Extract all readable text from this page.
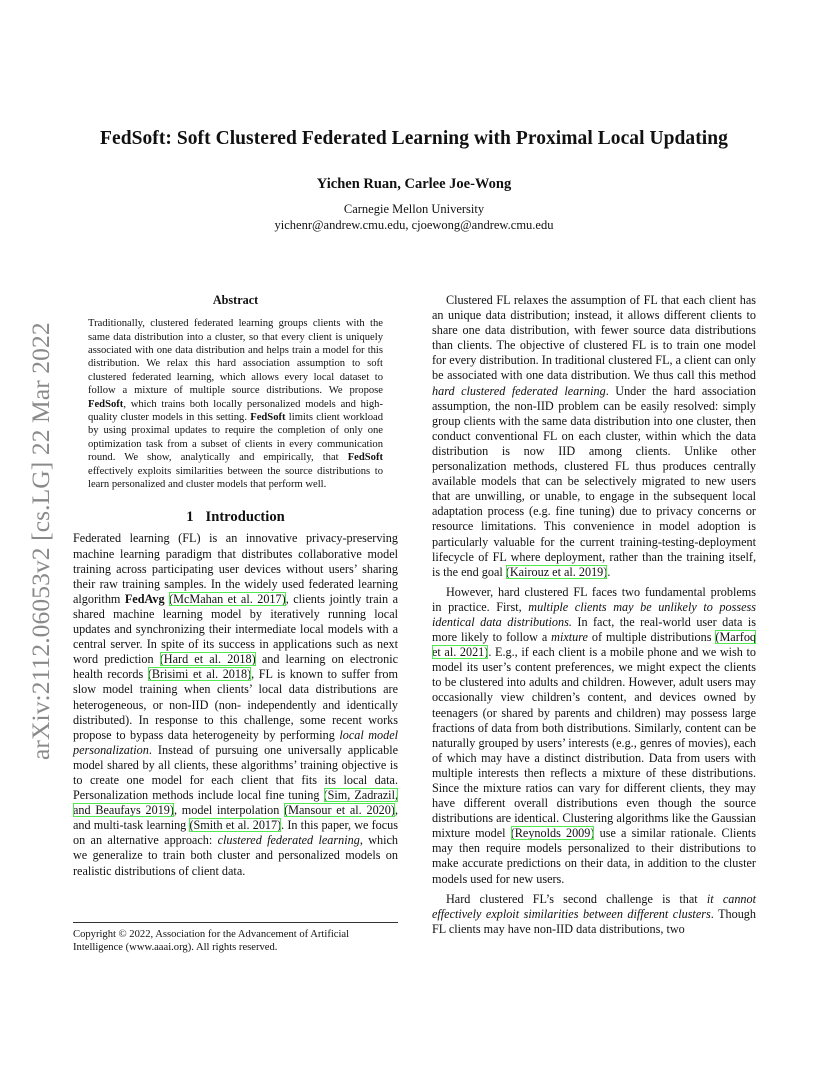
FedSoft: Soft Clustered Federated Learning with Proximal Local Updating
Yichen Ruan, Carlee Joe-Wong
Carnegie Mellon University
yichenr@andrew.cmu.edu, cjoewong@andrew.cmu.edu
arXiv:2112.06053v2 [cs.LG] 22 Mar 2022
Abstract

Traditionally, clustered federated learning groups clients with the same data distribution into a cluster, so that every client is uniquely associated with one data distribution and helps train a model for this distribution. We relax this hard association assumption to soft clustered federated learning, which allows every local dataset to follow a mixture of multiple source distributions. We propose FedSoft, which trains both locally personalized models and high-quality cluster models in this setting. FedSoft limits client workload by using proximal updates to require the completion of only one optimization task from a subset of clients in every communication round. We show, analytically and empirically, that FedSoft effectively exploits similarities between the source distributions to learn personalized and cluster models that perform well.

1 Introduction

Federated learning (FL) is an innovative privacy-preserving machine learning paradigm that distributes collaborative model training across participating user devices without users’ sharing their raw training samples. In the widely used federated learning algorithm FedAvg (McMahan et al. 2017), clients jointly train a shared machine learning model by iteratively running local updates and synchronizing their intermediate local models with a central server. In spite of its success in applications such as next word prediction (Hard et al. 2018) and learning on electronic health records (Brisimi et al. 2018), FL is known to suffer from slow model training when clients’ local data distributions are heterogeneous, or non-IID (non- independently and identically distributed). In response to this challenge, some recent works propose to bypass data heterogeneity by performing local model personalization. Instead of pursuing one universally applicable model shared by all clients, these algorithms’ training objective is to create one model for each client that fits its local data. Personalization methods include local fine tuning (Sim, Zadrazil, and Beaufays 2019), model interpolation (Mansour et al. 2020), and multi-task learning (Smith et al. 2017). In this paper, we focus on an alternative approach: clustered federated learning, which we generalize to train both cluster and personalized models on realistic distributions of client data.

Clustered FL relaxes the assumption of FL that each client has an unique data distribution; instead, it allows different clients to share one data distribution, with fewer source data distributions than clients. The objective of clustered FL is to train one model for every distribution. In traditional clustered FL, a client can only be associated with one data distribution. We thus call this method hard clustered federated learning. Under the hard association assumption, the non-IID problem can be easily resolved: simply group clients with the same data distribution into one cluster, then conduct conventional FL on each cluster, within which the data distribution is now IID among clients. Unlike other personalization methods, clustered FL thus produces centrally available models that can be selectively migrated to new users that are unwilling, or unable, to engage in the subsequent local adaptation process (e.g. fine tuning) due to privacy concerns or resource limitations. This convenience in model adoption is particularly valuable for the current training-testing-deployment lifecycle of FL where deployment, rather than the training itself, is the end goal (Kairouz et al. 2019).

However, hard clustered FL faces two fundamental problems in practice. First, multiple clients may be unlikely to possess identical data distributions. In fact, the real-world user data is more likely to follow a mixture of multiple distributions (Marfoq et al. 2021). E.g., if each client is a mobile phone and we wish to model its user’s content preferences, we might expect the clients to be clustered into adults and children. However, adult users may occasionally view children’s content, and devices owned by teenagers (or shared by parents and children) may possess large fractions of data from both distributions. Similarly, content can be naturally grouped by users’ interests (e.g., genres of movies), each of which may have a distinct distribution. Data from users with multiple interests then reflects a mixture of these distributions. Since the mixture ratios can vary for different clients, they may have different overall distributions even though the source distributions are identical. Clustering algorithms like the Gaussian mixture model (Reynolds 2009) use a similar rationale. Clients may then require models personalized to their distributions to make accurate predictions on their data, in addition to the cluster models used for new users.

Hard clustered FL’s second challenge is that it cannot effectively exploit similarities between different clusters. Though FL clients may have non-IID data distributions, two

Copyright © 2022, Association for the Advancement of Artificial Intelligence (www.aaai.org). All rights reserved.
